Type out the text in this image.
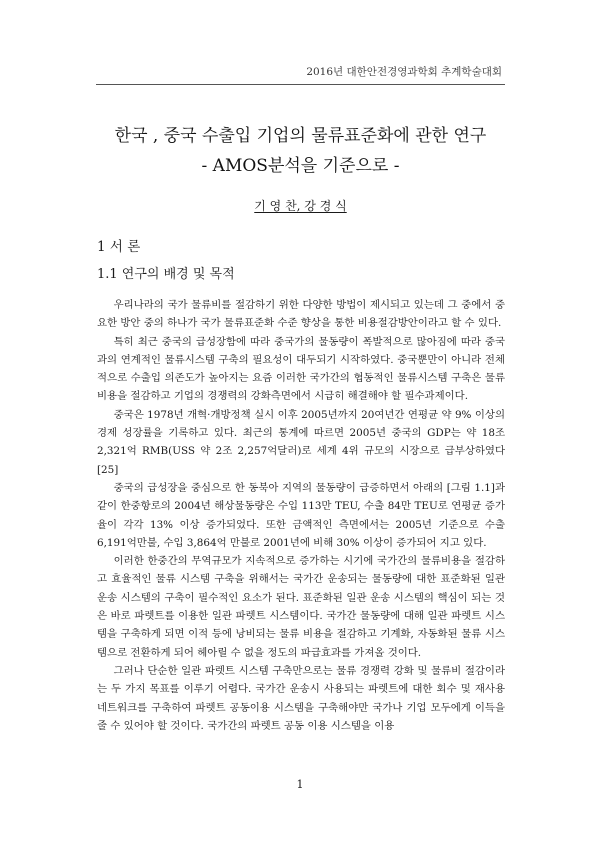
2016년 대한안전경영과학회 추계학술대회
한국 , 중국 수출입 기업의 물류표준화에 관한 연구
- AMOS분석을 기준으로 -
기 영 찬, 강 경 식
1 서 론
1.1 연구의 배경 및 목적

우리나라의 국가 물류비를 절감하기 위한 다양한 방법이 제시되고 있는데 그 중에서 중요한 방안 중의 하나가 국가 물류표준화 수준 향상을 통한 비용절감방안이라고 할 수 있다.

특히 최근 중국의 급성장함에 따라 중국가의 물동량이 폭발적으로 많아짐에 따라 중국과의 연계적인 물류시스템 구축의 필요성이 대두되기 시작하였다. 중국뿐만이 아니라 전체적으로 수출입 의존도가 높아지는 요즘 이러한 국가간의 협동적인 물류시스템 구축은 물류비용을 절감하고 기업의 경쟁력의 강화측면에서 시급히 해결해야 할 필수과제이다.

중국은 1978년 개혁·개방정책 실시 이후 2005년까지 20여년간 연평균 약 9% 이상의 경제 성장률을 기록하고 있다. 최근의 통계에 따르면 2005년 중국의 GDP는 약 18조 2,321억 RMB(USS 약 2조 2,257억달러)로 세계 4위 규모의 시장으로 급부상하였다[25]

중국의 급성장을 중심으로 한 동북아 지역의 물동량이 급증하면서 아래의 [그림 1.1]과 같이 한중항로의 2004년 해상물동량은 수입 113만 TEU, 수출 84만 TEU로 연평균 증가율이 각각 13% 이상 증가되었다. 또한 금액적인 측면에서는 2005년 기준으로 수출 6,191억만불, 수입 3,864억 만불로 2001년에 비해 30% 이상이 증가되어 지고 있다.

이러한 한중간의 무역규모가 지속적으로 증가하는 시기에 국가간의 물류비용을 절감하고 효율적인 물류 시스템 구축을 위해서는 국가간 운송되는 물동량에 대한 표준화된 일관 운송 시스템의 구축이 필수적인 요소가 된다. 표준화된 일관 운송 시스템의 핵심이 되는 것은 바로 파렛트를 이용한 일관 파렛트 시스템이다. 국가간 물동량에 대해 일관 파렛트 시스템을 구축하게 되면 이적 등에 낭비되는 물류 비용을 절감하고 기계화, 자동화된 물류 시스템으로 전환하게 되어 헤아릴 수 없을 정도의 파급효과를 가져올 것이다.

그러나 단순한 일관 파렛트 시스템 구축만으로는 물류 경쟁력 강화 및 물류비 절감이라는 두 가지 목표를 이루기 어렵다. 국가간 운송시 사용되는 파렛트에 대한 회수 및 재사용 네트워크를 구축하여 파렛트 공동이용 시스템을 구축해야만 국가나 기업 모두에게 이득을 줄 수 있어야 할 것이다. 국가간의 파렛트 공동 이용 시스템을 이용

1
